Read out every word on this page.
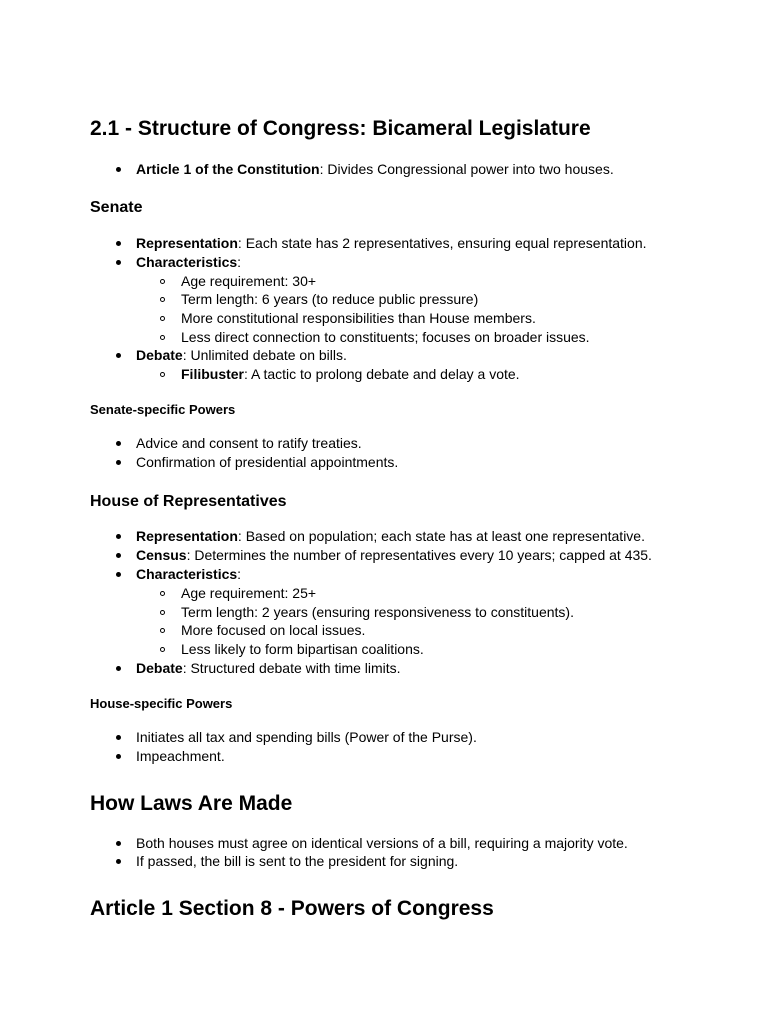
2.1 - Structure of Congress: Bicameral Legislature
Article 1 of the Constitution: Divides Congressional power into two houses.
Senate
Representation: Each state has 2 representatives, ensuring equal representation.
Characteristics:
Age requirement: 30+
Term length: 6 years (to reduce public pressure)
More constitutional responsibilities than House members.
Less direct connection to constituents; focuses on broader issues.
Debate: Unlimited debate on bills.
Filibuster: A tactic to prolong debate and delay a vote.
Senate-specific Powers
Advice and consent to ratify treaties.
Confirmation of presidential appointments.
House of Representatives
Representation: Based on population; each state has at least one representative.
Census: Determines the number of representatives every 10 years; capped at 435.
Characteristics:
Age requirement: 25+
Term length: 2 years (ensuring responsiveness to constituents).
More focused on local issues.
Less likely to form bipartisan coalitions.
Debate: Structured debate with time limits.
House-specific Powers
Initiates all tax and spending bills (Power of the Purse).
Impeachment.
How Laws Are Made
Both houses must agree on identical versions of a bill, requiring a majority vote.
If passed, the bill is sent to the president for signing.
Article 1 Section 8 - Powers of Congress
